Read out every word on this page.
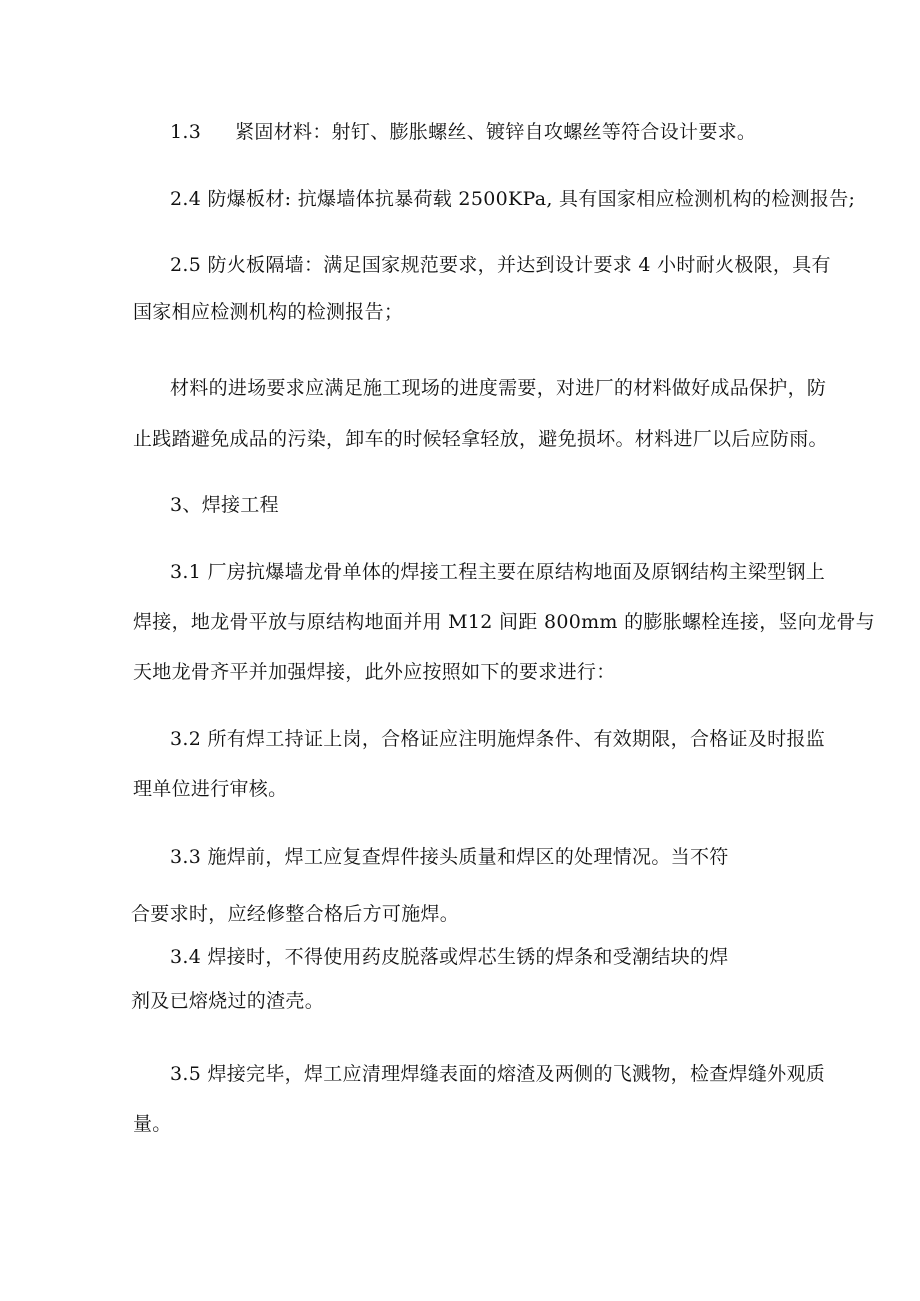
1.3 紧固材料：射钉、膨胀螺丝、镀锌自攻螺丝等符合设计要求。
2.4 防爆板材: 抗爆墙体抗暴荷载 2500KPa, 具有国家相应检测机构的检测报告;
2.5 防火板隔墙：满足国家规范要求，并达到设计要求 4 小时耐火极限，具有
国家相应检测机构的检测报告；
材料的进场要求应满足施工现场的进度需要，对进厂的材料做好成品保护，防
止践踏避免成品的污染，卸车的时候轻拿轻放，避免损坏。材料进厂以后应防雨。
3、焊接工程
3.1 厂房抗爆墙龙骨单体的焊接工程主要在原结构地面及原钢结构主梁型钢上
焊接，地龙骨平放与原结构地面并用 M12 间距 800mm 的膨胀螺栓连接，竖向龙骨与
天地龙骨齐平并加强焊接，此外应按照如下的要求进行：
3.2 所有焊工持证上岗，合格证应注明施焊条件、有效期限，合格证及时报监
理单位进行审核。
3.3 施焊前，焊工应复查焊件接头质量和焊区的处理情况。当不符
合要求时，应经修整合格后方可施焊。
3.4 焊接时，不得使用药皮脱落或焊芯生锈的焊条和受潮结块的焊
剂及已熔烧过的渣壳。
3.5 焊接完毕，焊工应清理焊缝表面的熔渣及两侧的飞溅物，检查焊缝外观质
量。
